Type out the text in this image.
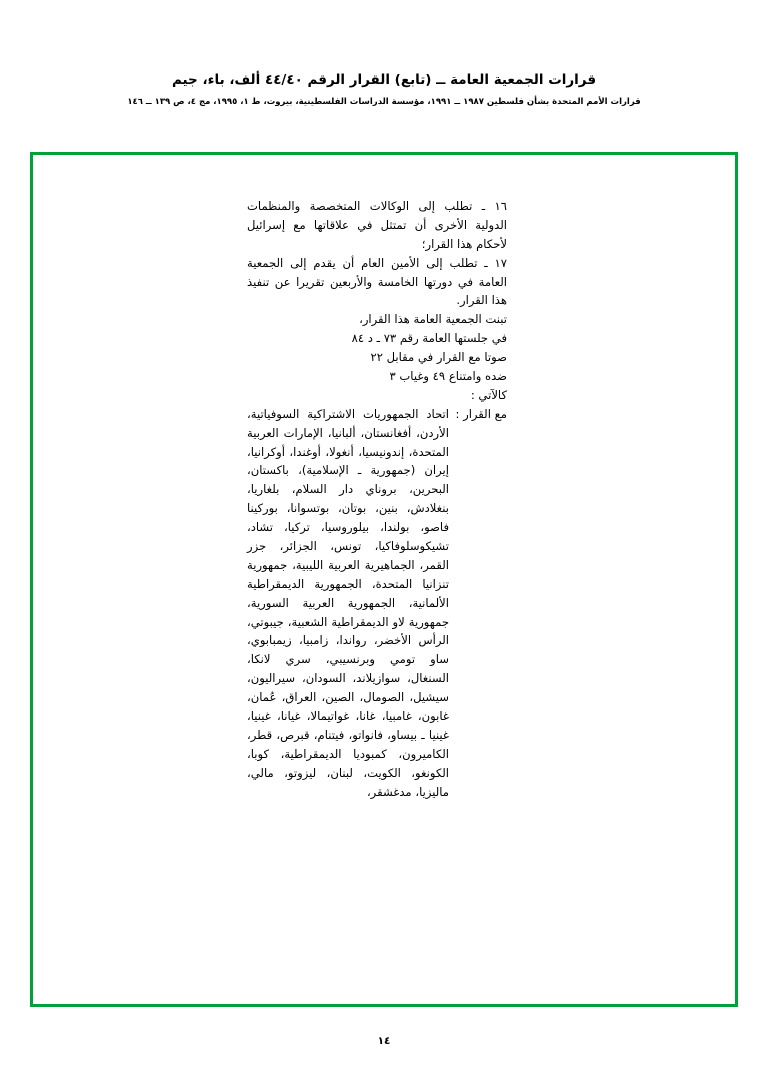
قرارات الجمعية العامة ــ (تابع) القرار الرقم ٤٤/٤٠ ألف، باء، جيم
قرارات الأمم المتحدة بشأن فلسطين ١٩٨٧ ــ ١٩٩١، مؤسسة الدراسات الفلسطينية، بيروت، ط ١، ١٩٩٥، مج ٤، ص ١٣٩ ــ ١٤٦

١٦ ـ تطلب إلى الوكالات المتخصصة والمنظمات الدولية الأخرى أن تمتثل في علاقاتها مع إسرائيل لأحكام هذا القرار؛

١٧ ـ تطلب إلى الأمين العام أن يقدم إلى الجمعية العامة في دورتها الخامسة والأربعين تقريرا عن تنفيذ هذا القرار.

تبنت الجمعية العامة هذا القرار،

في جلستها العامة رقم ٧٣ ـ د ٨٤

صوتا مع القرار في مقابل ٢٢

ضده وامتناع ٤٩ وغياب ٣

كالآتي :

مع القرار :
اتحاد الجمهوريات الاشتراكية السوفياتية، الأردن، أفغانستان، ألبانيا، الإمارات العربية المتحدة، إندونيسيا، أنغولا، أوغندا، أوكرانيا، إيران (جمهورية ـ الإسلامية)، باكستان، البحرين، بروناي دار السلام، بلغاريا، بنغلادش، بنين، بوتان، بوتسوانا، بوركينا فاصو، بولندا، بيلوروسيا، تركيا، تشاد، تشيكوسلوفاكيا، تونس، الجزائر، جزر القمر، الجماهيرية العربية الليبية، جمهورية تنزانيا المتحدة، الجمهورية الديمقراطية الألمانية، الجمهورية العربية السورية، جمهورية لاو الديمقراطية الشعبية، جيبوتي، الرأس الأخضر، رواندا، زامبيا، زيمبابوي، ساو تومي وبرنسيبي، سري لانكا، السنغال، سوازيلاند، السودان، سيراليون، سيشيل، الصومال، الصين، العراق، عُمان، غابون، غامبيا، غانا، غواتيمالا، غيانا، غينيا، غينيا ـ بيساو، فانواتو، فيتنام، قبرص، قطر، الكاميرون، كمبوديا الديمقراطية، كوبا، الكونغو، الكويت، لبنان، ليزوتو، مالي، ماليزيا، مدغشقر،
١٤
